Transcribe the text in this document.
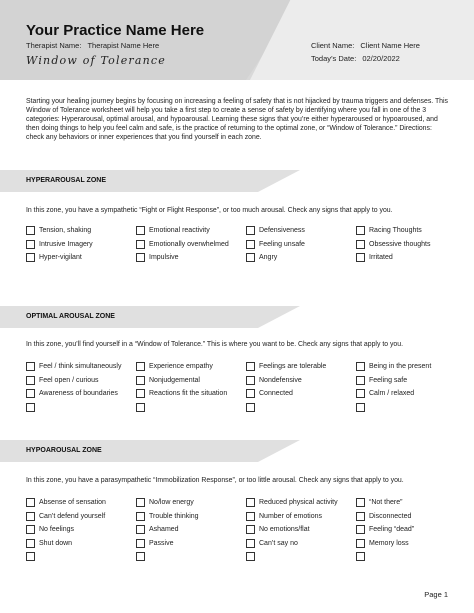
Your Practice Name Here
Therapist Name: Therapist Name Here
Window of Tolerance
Client Name: Client Name Here
Today’s Date: 02/20/2022
Starting your healing journey begins by focusing on increasing a feeling of safety that is not hijacked by trauma triggers and defenses. This Window of Tolerance worksheet will help you take a first step to create a sense of safety by identifying where you fall in one of the 3 categories: Hyperarousal, optimal arousal, and hypoarousal. Learning these signs that you’re either hyperaroused or hypoaroused, and then doing things to help you feel calm and safe, is the practice of returning to the optimal zone, or “Window of Tolerance.” Directions: check any behaviors or inner experiences that you find yourself in each zone.
HYPERAROUSAL ZONE
In this zone, you have a sympathetic “Fight or Flight Response”, or too much arousal. Check any signs that apply to you.
Tension, shaking	Emotional reactivity	Defensiveness	Racing Thoughts
Intrusive Imagery	Emotionally overwhelmed	Feeling unsafe	Obsessive thoughts
Hyper-vigilant	Impulsive	Angry	Irritated
OPTIMAL AROUSAL ZONE
In this zone, you’ll find yourself in a “Window of Tolerance.” This is where you want to be. Check any signs that apply to you.
Feel / think simultaneously	Experience empathy	Feelings are tolerable	Being in the present
Feel open / curious	Nonjudgemental	Nondefensive	Feeling safe
Awareness of boundaries	Reactions fit the situation	Connected	Calm / relaxed
HYPOAROUSAL ZONE
In this zone, you have a parasympathetic “Immobilization Response”, or too little arousal. Check any signs that apply to you.
Absense of sensation	No/low energy	Reduced physical activity	“Not there”
Can’t defend yourself	Trouble thinking	Number of emotions	Disconnected
No feelings	Ashamed	No emotions/flat	Feeling “dead”
Shut down	Passive	Can’t say no	Memory loss
Page 1
